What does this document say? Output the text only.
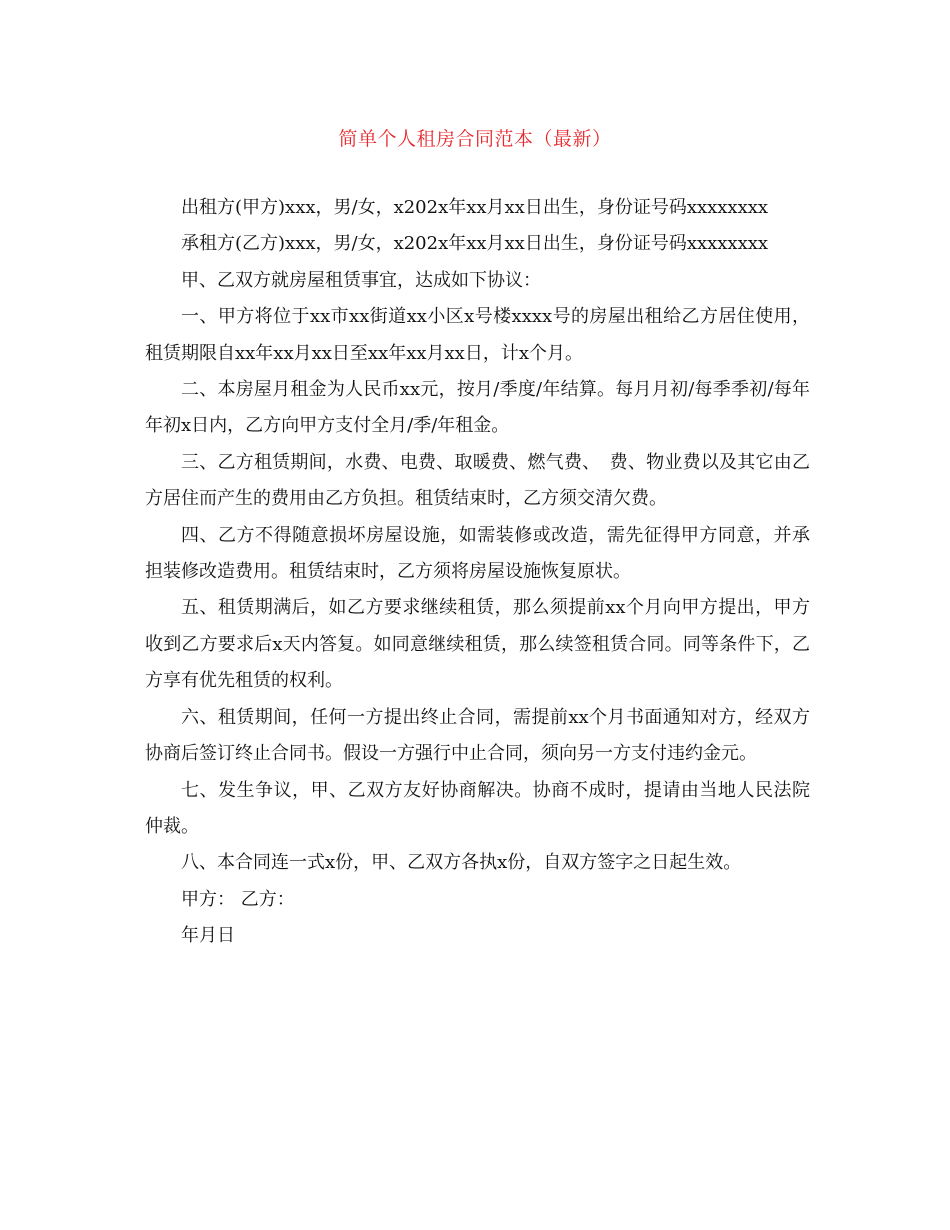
简单个人租房合同范本（最新）

出租方(甲方)xxx，男/女，x202x年xx月xx日出生，身份证号码xxxxxxxx

承租方(乙方)xxx，男/女，x202x年xx月xx日出生，身份证号码xxxxxxxx

甲、乙双方就房屋租赁事宜，达成如下协议：

一、甲方将位于xx市xx街道xx小区x号楼xxxx号的房屋出租给乙方居住使用，租赁期限自xx年xx月xx日至xx年xx月xx日，计x个月。

二、本房屋月租金为人民币xx元，按月/季度/年结算。每月月初/每季季初/每年年初x日内，乙方向甲方支付全月/季/年租金。

三、乙方租赁期间，水费、电费、取暖费、燃气费、　费、物业费以及其它由乙方居住而产生的费用由乙方负担。租赁结束时，乙方须交清欠费。

四、乙方不得随意损坏房屋设施，如需装修或改造，需先征得甲方同意，并承担装修改造费用。租赁结束时，乙方须将房屋设施恢复原状。

五、租赁期满后，如乙方要求继续租赁，那么须提前xx个月向甲方提出，甲方收到乙方要求后x天内答复。如同意继续租赁，那么续签租赁合同。同等条件下，乙方享有优先租赁的权利。

六、租赁期间，任何一方提出终止合同，需提前xx个月书面通知对方，经双方协商后签订终止合同书。假设一方强行中止合同，须向另一方支付违约金元。

七、发生争议，甲、乙双方友好协商解决。协商不成时，提请由当地人民法院仲裁。

八、本合同连一式x份，甲、乙双方各执x份，自双方签字之日起生效。

甲方： 乙方：

年月日
